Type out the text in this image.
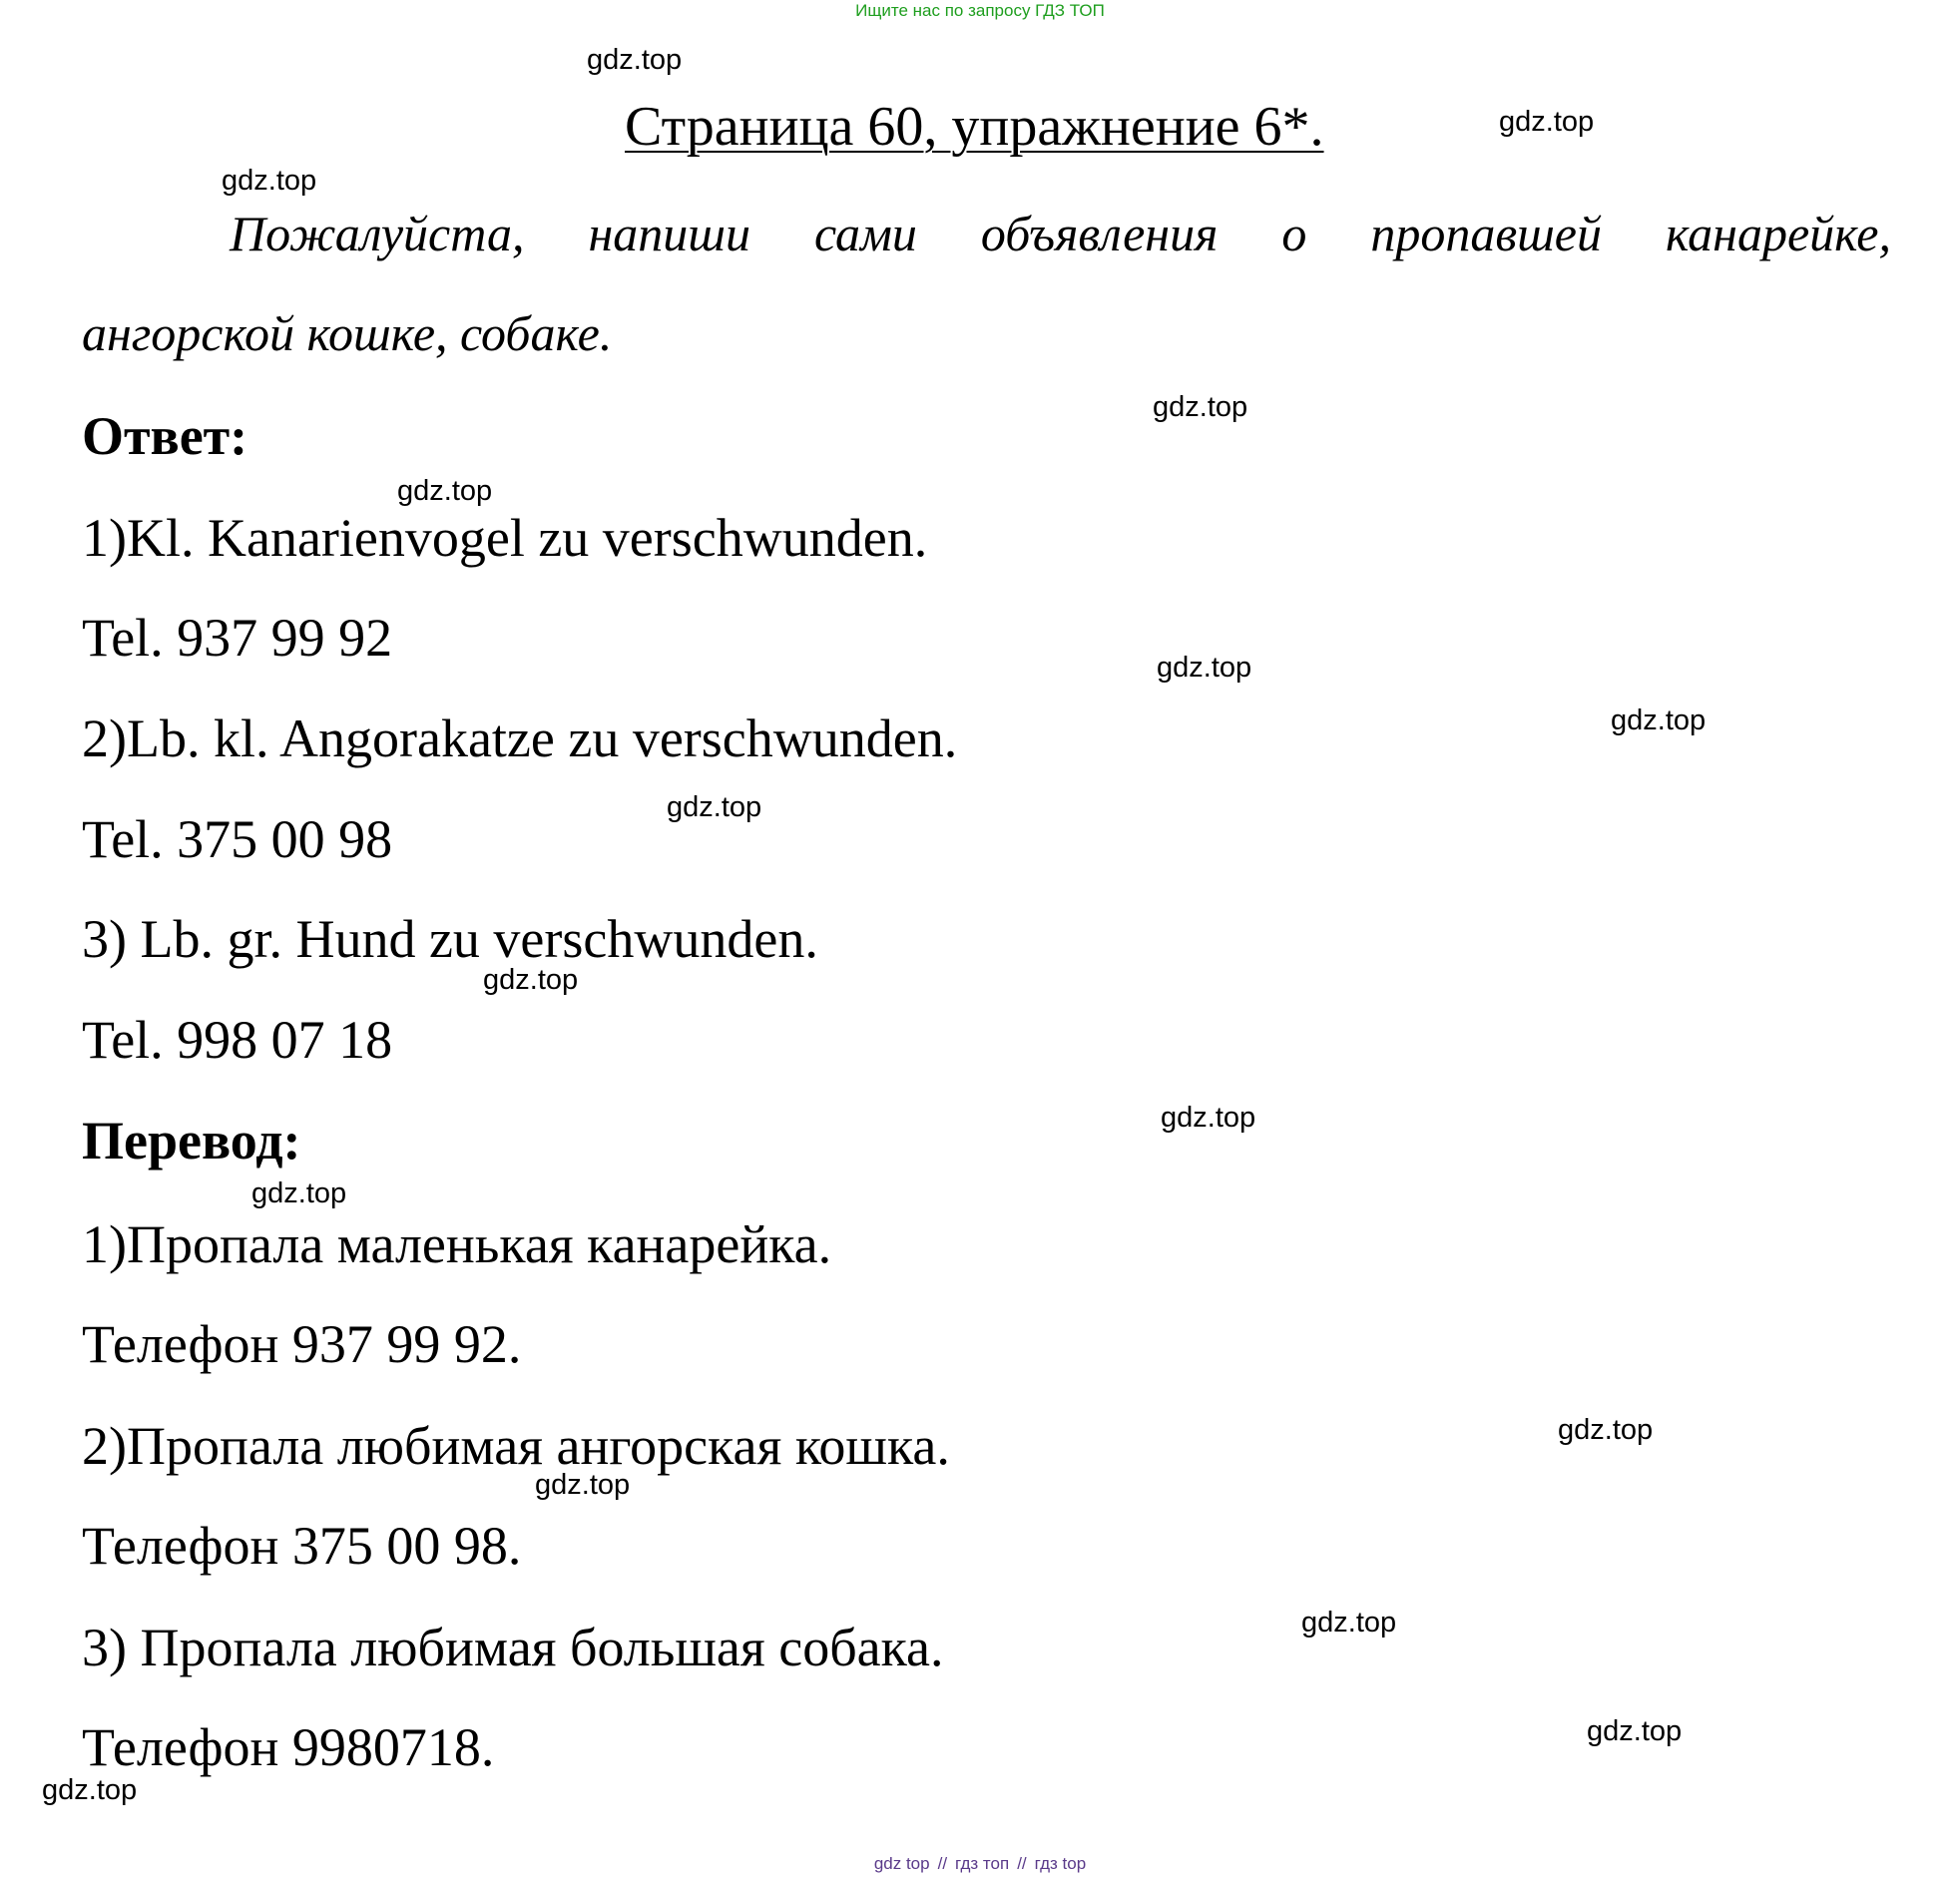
Ищите нас по запросу ГДЗ ТОП
gdz.top
gdz.top
gdz.top
gdz.top
gdz.top
gdz.top
gdz.top
gdz.top
gdz.top
gdz.top
gdz.top
gdz.top
gdz.top
gdz.top
gdz.top
gdz.top
Страница 60, упражнение 6*.
Пожалуйста, напиши сами объявления о пропавшей канарейке,
ангорской кошке, собаке.
Ответ:
1)Kl. Kanarienvogel zu verschwunden.
Tel. 937 99 92
2)Lb. kl. Angorakatze zu verschwunden.
Tel. 375 00 98
3) Lb. gr. Hund zu verschwunden.
Tel. 998 07 18
Перевод:
1)Пропала маленькая канарейка.
Телефон 937 99 92.
2)Пропала любимая ангорская кошка.
Телефон 375 00 98.
3) Пропала любимая большая собака.
Телефон 9980718.
gdz top // гдз топ // гдз top
